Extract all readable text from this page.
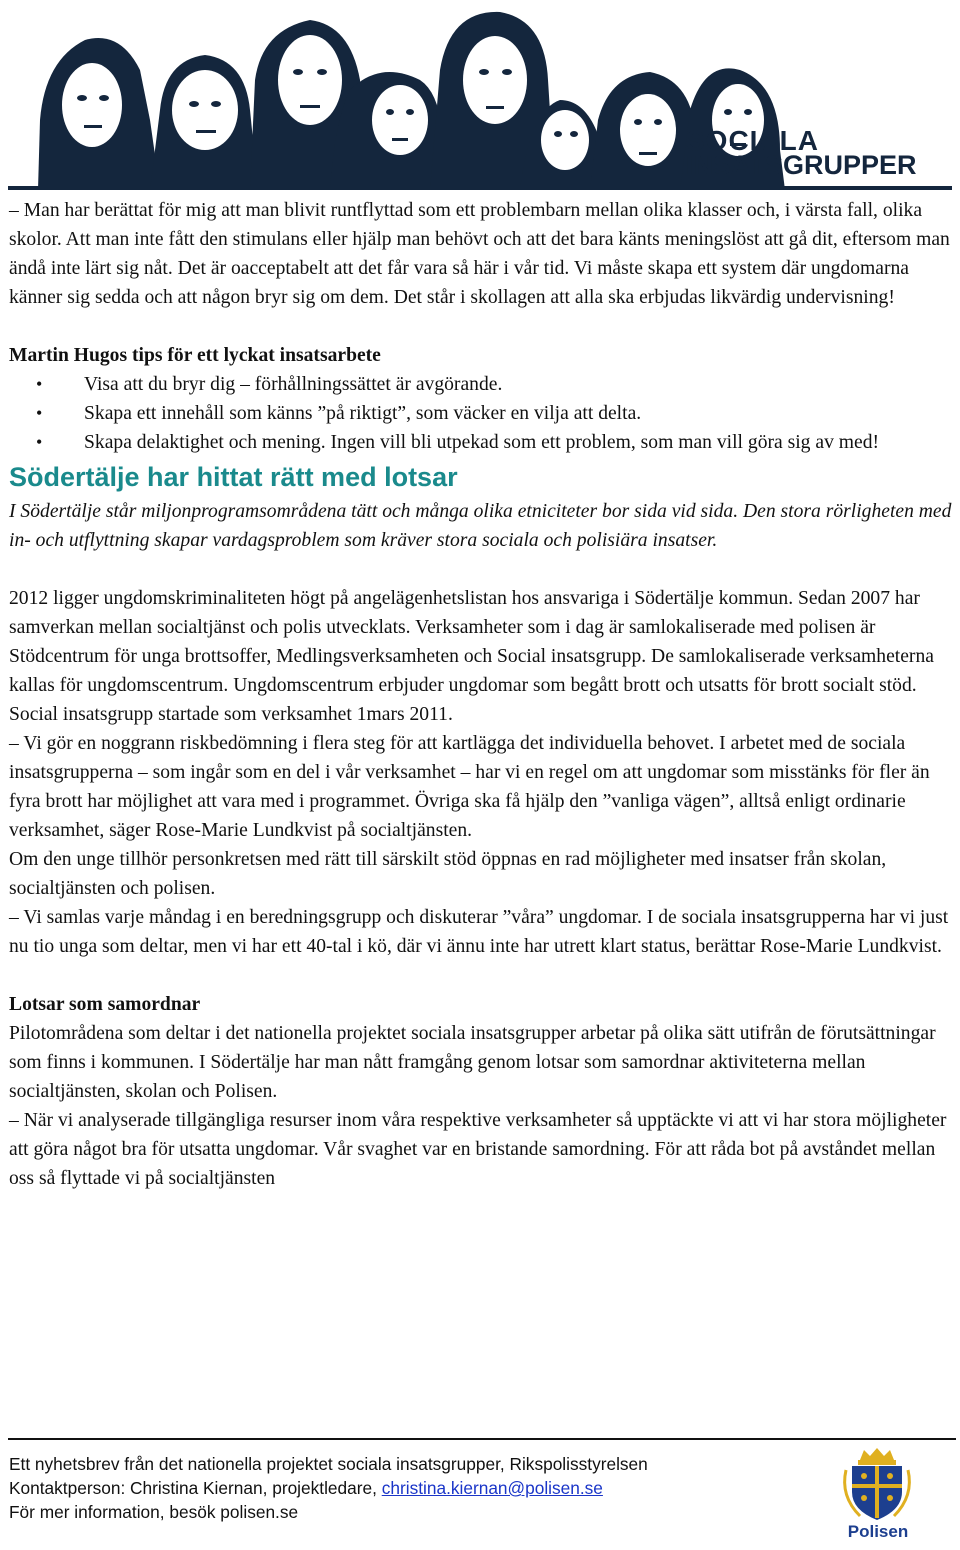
SOCIALA
INSATSGRUPPER

– Man har berättat för mig att man blivit runtflyttad som ett problembarn mellan olika klasser och, i värsta fall, olika skolor. Att man inte fått den stimulans eller hjälp man behövt och att det bara känts meningslöst att gå dit, eftersom man ändå inte lärt sig nåt. Det är oacceptabelt att det får vara så här i vår tid. Vi måste skapa ett system där ungdomarna känner sig sedda och att någon bryr sig om dem. Det står i skollagen att alla ska erbjudas likvärdig undervisning!

Martin Hugos tips för ett lyckat insatsarbete

• Visa att du bryr dig – förhållningssättet är avgörande.
• Skapa ett innehåll som känns ”på riktigt”, som väcker en vilja att delta.
• Skapa delaktighet och mening. Ingen vill bli utpekad som ett problem, som man vill göra sig av med!
Södertälje har hittat rätt med lotsar

I Södertälje står miljonprogramsområdena tätt och många olika etniciteter bor sida vid sida. Den stora rörligheten med in- och utflyttning skapar vardagsproblem som kräver stora sociala och polisiära insatser.

2012 ligger ungdomskriminaliteten högt på angelägenhetslistan hos ansvariga i Södertälje kommun. Sedan 2007 har samverkan mellan socialtjänst och polis utvecklats. Verksamheter som i dag är samlokaliserade med polisen är Stödcentrum för unga brottsoffer, Medlingsverksamheten och Social insatsgrupp. De samlokaliserade verksamheterna kallas för ungdomscentrum. Ungdomscentrum erbjuder ungdomar som begått brott och utsatts för brott socialt stöd. Social insatsgrupp startade som verksamhet 1mars 2011.

– Vi gör en noggrann riskbedömning i flera steg för att kartlägga det individuella behovet. I arbetet med de sociala insatsgrupperna – som ingår som en del i vår verksamhet – har vi en regel om att ungdomar som misstänks för fler än fyra brott har möjlighet att vara med i programmet. Övriga ska få hjälp den ”vanliga vägen”, alltså enligt ordinarie verksamhet, säger Rose-Marie Lundkvist på socialtjänsten.

Om den unge tillhör personkretsen med rätt till särskilt stöd öppnas en rad möjligheter med insatser från skolan, socialtjänsten och polisen.

– Vi samlas varje måndag i en beredningsgrupp och diskuterar ”våra” ungdomar. I de sociala insatsgrupperna har vi just nu tio unga som deltar, men vi har ett 40-tal i kö, där vi ännu inte har utrett klart status, berättar Rose-Marie Lundkvist.

Lotsar som samordnar

Pilotområdena som deltar i det nationella projektet sociala insatsgrupper arbetar på olika sätt utifrån de förutsättningar som finns i kommunen. I Södertälje har man nått framgång genom lotsar som samordnar aktiviteterna mellan socialtjänsten, skolan och Polisen.

– När vi analyserade tillgängliga resurser inom våra respektive verksamheter så upptäckte vi att vi har stora möjligheter att göra något bra för utsatta ungdomar. Vår svaghet var en bristande samordning. För att råda bot på avståndet mellan oss så flyttade vi på socialtjänsten

Ett nyhetsbrev från det nationella projektet sociala insatsgrupper, Rikspolisstyrelsen
Kontaktperson: Christina Kiernan, projektledare, christina.kiernan@polisen.se
För mer information, besök polisen.se
Polisen
